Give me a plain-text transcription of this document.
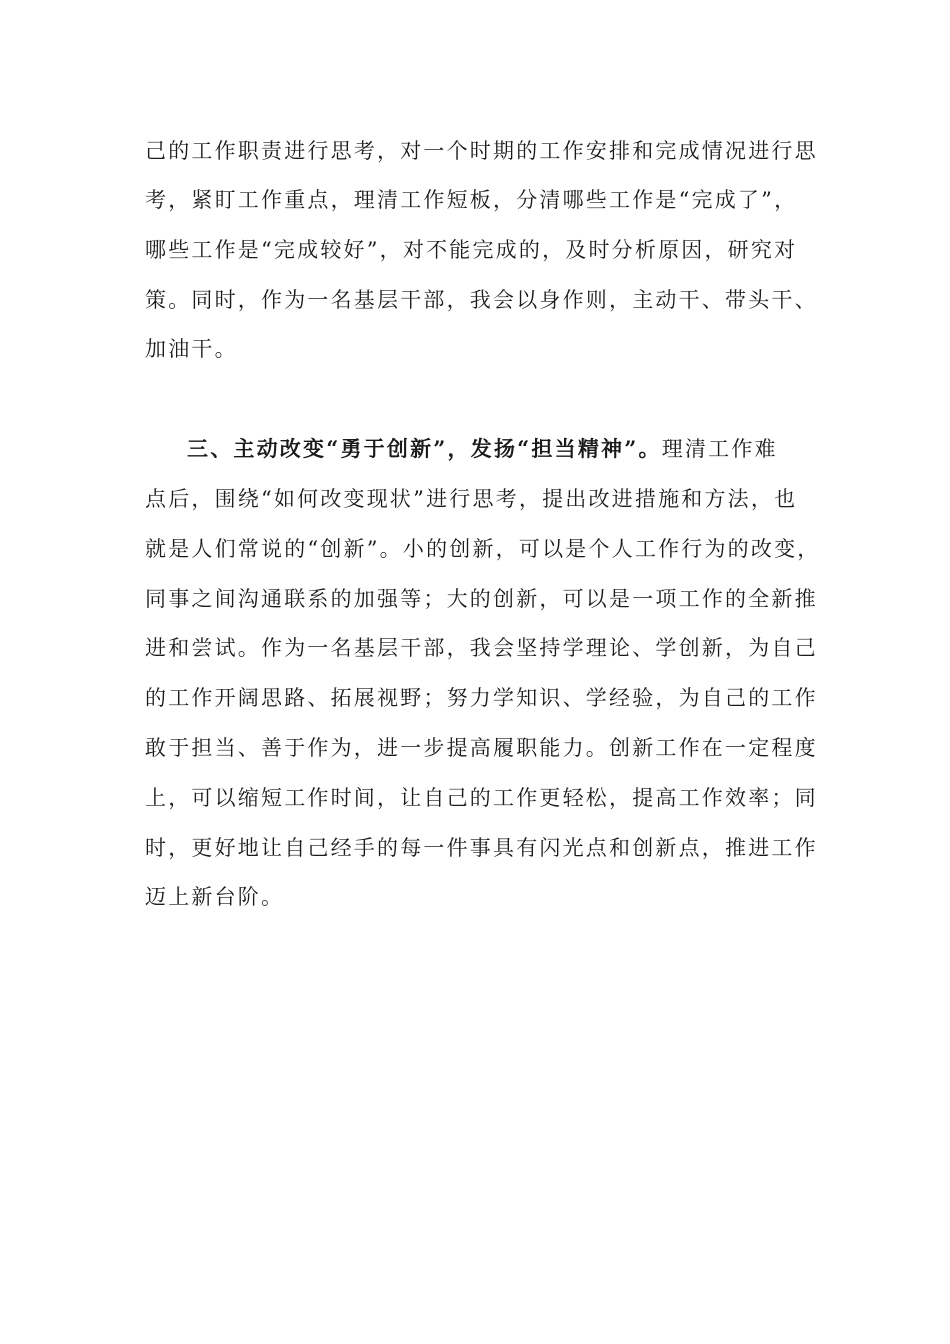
己的工作职责进行思考，对一个时期的工作安排和完成情况进行思
考，紧盯工作重点，理清工作短板，分清哪些工作是“完成了”，
哪些工作是“完成较好”，对不能完成的，及时分析原因，研究对
策。同时，作为一名基层干部，我会以身作则，主动干、带头干、
加油干。
三、主动改变“勇于创新”，发扬“担当精神”。理清工作难
点后，围绕“如何改变现状”进行思考，提出改进措施和方法，也
就是人们常说的“创新”。小的创新，可以是个人工作行为的改变，
同事之间沟通联系的加强等；大的创新，可以是一项工作的全新推
进和尝试。作为一名基层干部，我会坚持学理论、学创新，为自己
的工作开阔思路、拓展视野；努力学知识、学经验，为自己的工作
敢于担当、善于作为，进一步提高履职能力。创新工作在一定程度
上，可以缩短工作时间，让自己的工作更轻松，提高工作效率；同
时，更好地让自己经手的每一件事具有闪光点和创新点，推进工作
迈上新台阶。
